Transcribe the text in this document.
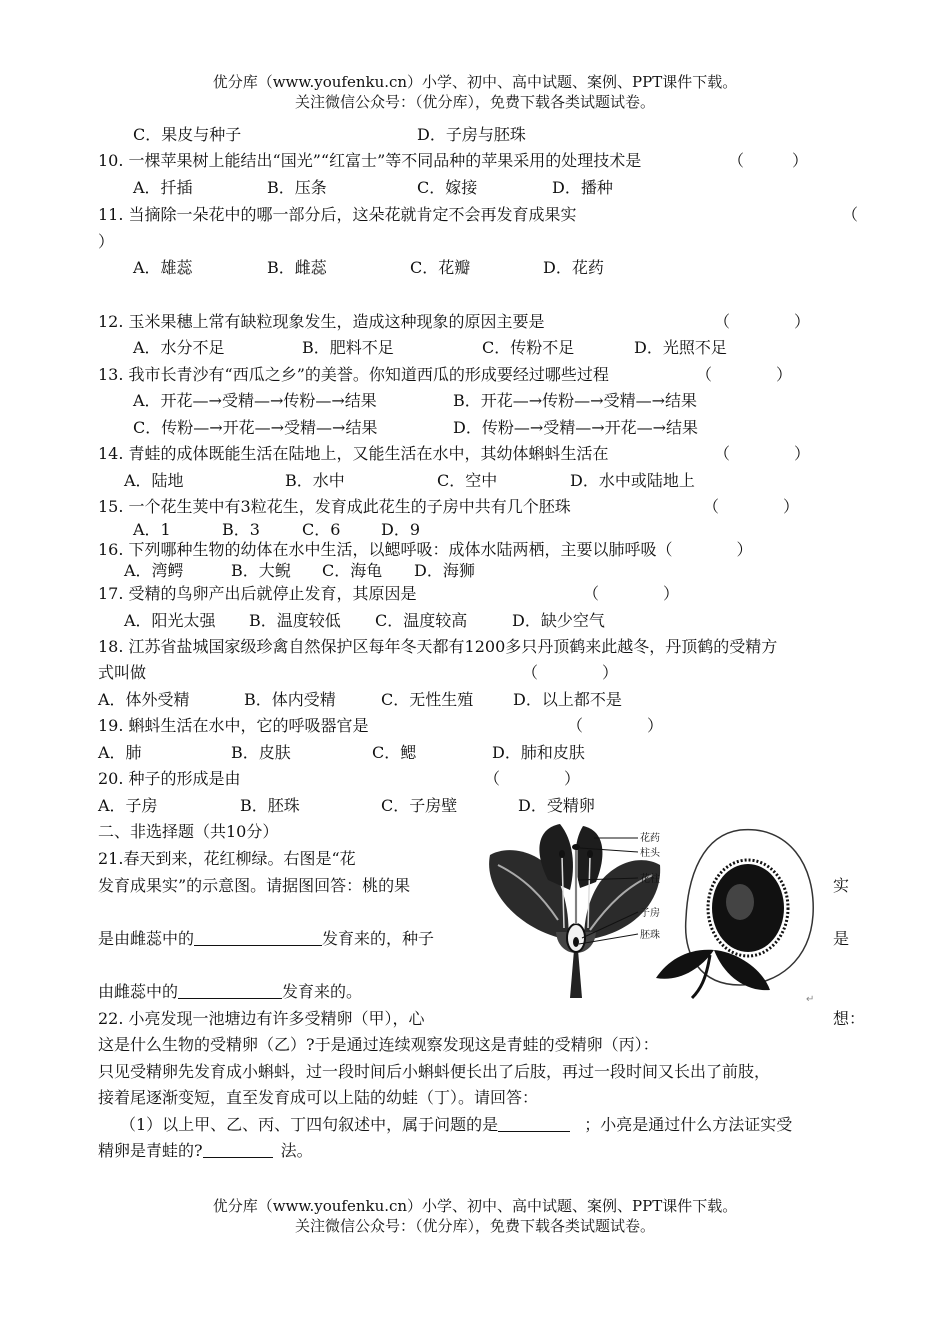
优分库（www.youfenku.cn）小学、初中、高中试题、案例、PPT课件下载。
关注微信公众号：（优分库），免费下载各类试题试卷。
C．果皮与种子	D．子房与胚珠
10. 一棵苹果树上能结出“国光”“红富士”等不同品种的苹果采用的处理技术是	（　　　）
A．扦插	B．压条	C．嫁接	D．播种
11. 当摘除一朵花中的哪一部分后，这朵花就肯定不会再发育成果实	（
）
A．雄蕊	B．雌蕊	C．花瓣	D．花药
12. 玉米果穗上常有缺粒现象发生，造成这种现象的原因主要是	（　　　　）
A．水分不足	B．肥料不足	C．传粉不足	D．光照不足
13. 我市长青沙有“西瓜之乡”的美誉。你知道西瓜的形成要经过哪些过程	（　　　　）
A．开花—→受精—→传粉—→结果	B．开花—→传粉—→受精—→结果
C．传粉—→开花—→受精—→结果	D．传粉—→受精—→开花—→结果
14. 青蛙的成体既能生活在陆地上，又能生活在水中，其幼体蝌蚪生活在	（　　　　）
A．陆地	B．水中	C．空中	D．水中或陆地上
15. 一个花生荚中有3粒花生，发育成此花生的子房中共有几个胚珠	（　　　　）
A．1	B．3	C．6	D．9
16. 下列哪种生物的幼体在水中生活，以鳃呼吸：成体水陆两栖，主要以肺呼吸（　　　　）
A．湾鳄	B．大鲵 C．海龟 D．海狮
17. 受精的鸟卵产出后就停止发育，其原因是	（　　　　）
A．阳光太强 B．温度较低 C．温度较高	D．缺少空气
18. 江苏省盐城国家级珍禽自然保护区每年冬天都有1200多只丹顶鹤来此越冬，丹顶鹤的受精方
式叫做	（　　　　）
A．体外受精	B．体内受精	C．无性生殖 D．以上都不是
19. 蝌蚪生活在水中，它的呼吸器官是	（　　　　）
A．肺	B．皮肤	C．鳃	D．肺和皮肤
20. 种子的形成是由	（　　　　）
A．子房	B．胚珠	C．子房壁	D．受精卵
二、非选择题（共10分）
21.春天到来，花红柳绿。右图是“花
发育成果实”的示意图。请据图回答：桃的果	实
是由雌蕊中的	发育来的，种子	是
由雌蕊中的	发育来的。
花药
柱头
花柱
子房
胚珠
↵
22. 小亮发现一池塘边有许多受精卵（甲），心	想：
这是什么生物的受精卵（乙）?于是通过连续观察发现这是青蛙的受精卵（丙）：
只见受精卵先发育成小蝌蚪，过一段时间后小蝌蚪便长出了后肢，再过一段时间又长出了前肢，
接着尾逐渐变短，直至发育成可以上陆的幼蛙（丁）。请回答：
（1）以上甲、乙、丙、丁四句叙述中，属于问题的是	；小亮是通过什么方法证实受
精卵是青蛙的?	法。
优分库（www.youfenku.cn）小学、初中、高中试题、案例、PPT课件下载。
关注微信公众号：（优分库），免费下载各类试题试卷。
